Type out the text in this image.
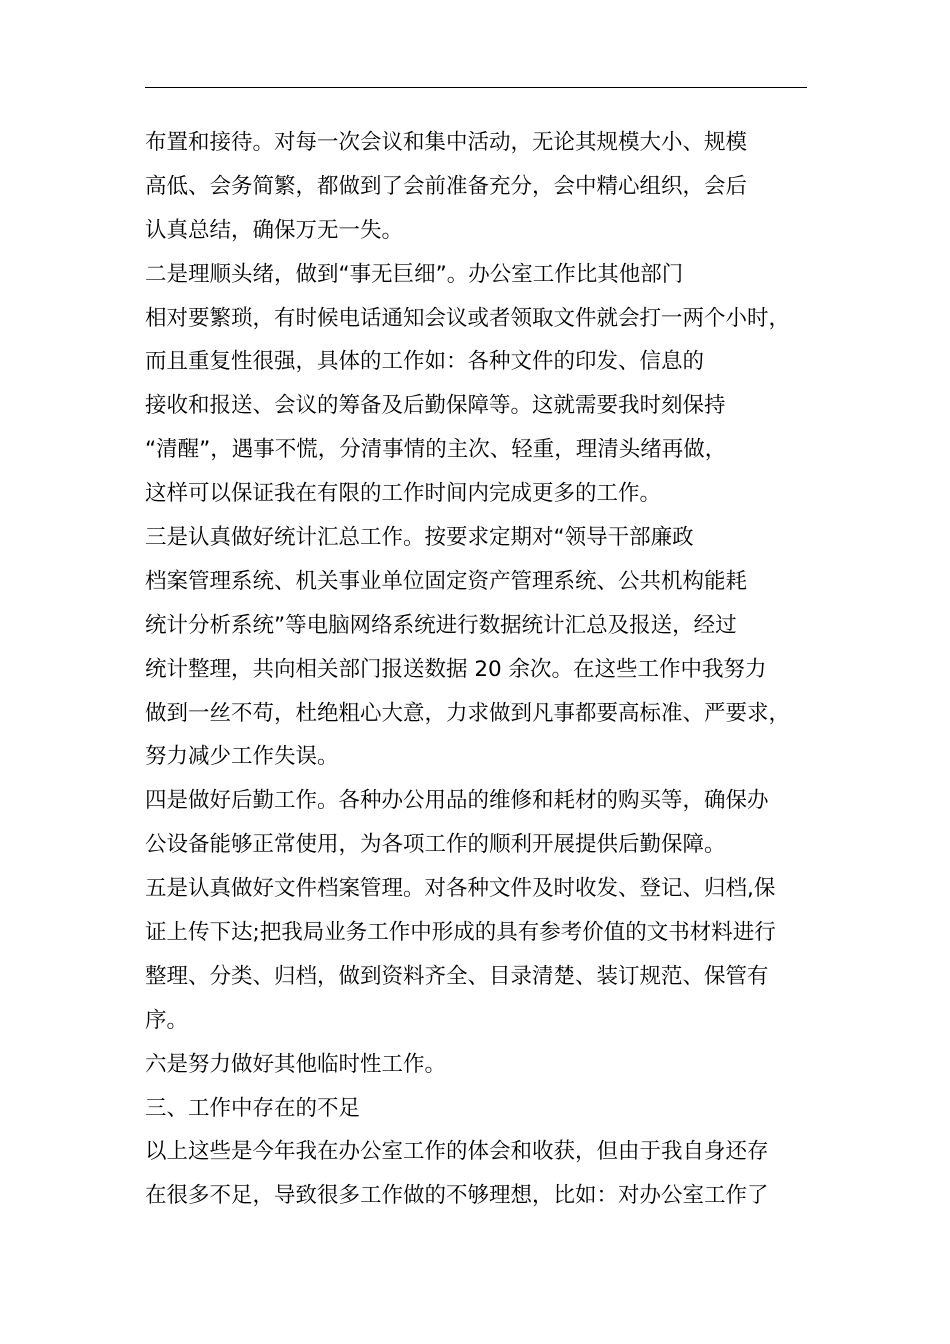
布置和接待。对每一次会议和集中活动，无论其规模大小、规模
高低、会务简繁，都做到了会前准备充分，会中精心组织，会后
认真总结，确保万无一失。
二是理顺头绪，做到“事无巨细”。办公室工作比其他部门
相对要繁琐，有时候电话通知会议或者领取文件就会打一两个小时，
而且重复性很强，具体的工作如：各种文件的印发、信息的
接收和报送、会议的筹备及后勤保障等。这就需要我时刻保持
“清醒”，遇事不慌，分清事情的主次、轻重，理清头绪再做，
这样可以保证我在有限的工作时间内完成更多的工作。
三是认真做好统计汇总工作。按要求定期对“领导干部廉政
档案管理系统、机关事业单位固定资产管理系统、公共机构能耗
统计分析系统”等电脑网络系统进行数据统计汇总及报送，经过
统计整理，共向相关部门报送数据 20 余次。在这些工作中我努力
做到一丝不苟，杜绝粗心大意，力求做到凡事都要高标准、严要求，
努力减少工作失误。
四是做好后勤工作。各种办公用品的维修和耗材的购买等，确保办
公设备能够正常使用，为各项工作的顺利开展提供后勤保障。
五是认真做好文件档案管理。对各种文件及时收发、登记、归档,保
证上传下达;把我局业务工作中形成的具有参考价值的文书材料进行
整理、分类、归档，做到资料齐全、目录清楚、装订规范、保管有
序。
六是努力做好其他临时性工作。
三、工作中存在的不足
以上这些是今年我在办公室工作的体会和收获，但由于我自身还存
在很多不足，导致很多工作做的不够理想，比如：对办公室工作了
